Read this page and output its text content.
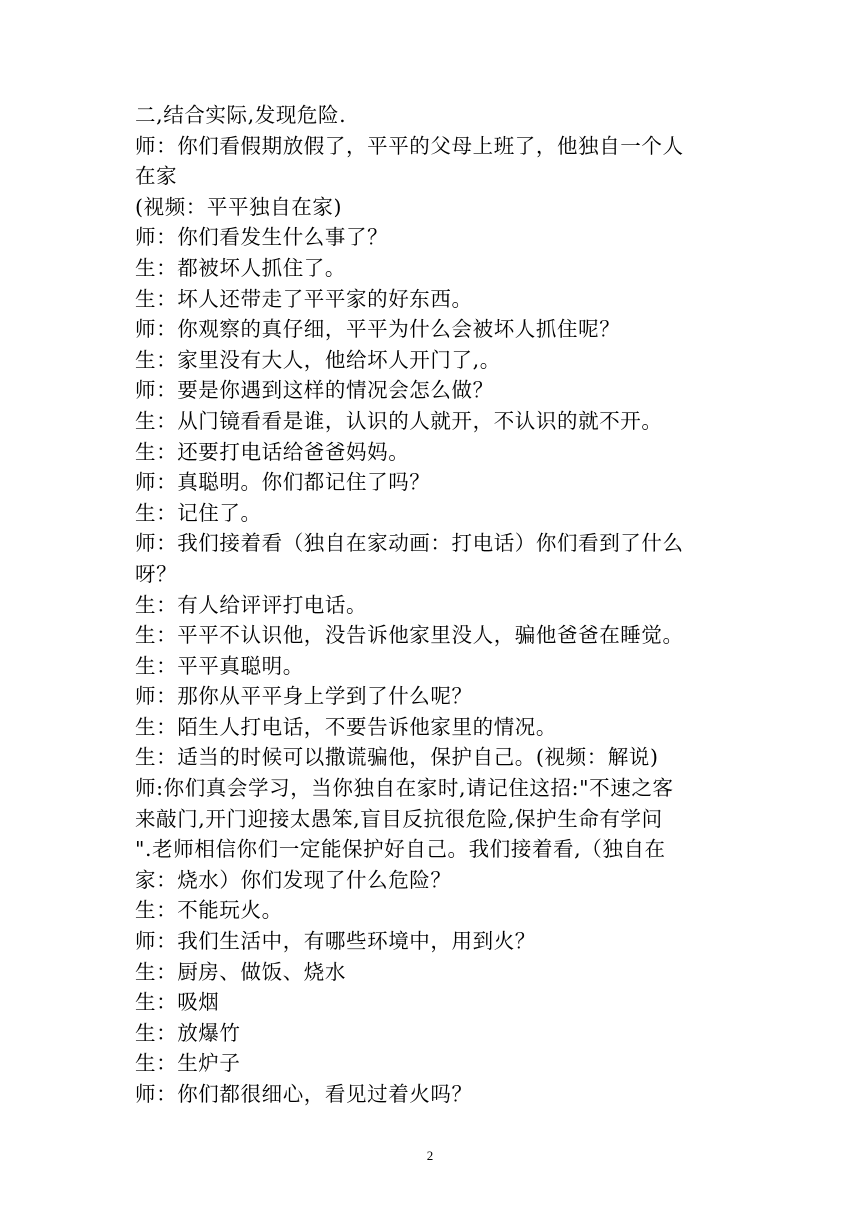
二,结合实际,发现危险.
师：你们看假期放假了，平平的父母上班了，他独自一个人
在家
(视频：平平独自在家)
师：你们看发生什么事了？
生：都被坏人抓住了。
生：坏人还带走了平平家的好东西。
师：你观察的真仔细，平平为什么会被坏人抓住呢？
生：家里没有大人，他给坏人开门了,。
师：要是你遇到这样的情况会怎么做？
生：从门镜看看是谁，认识的人就开，不认识的就不开。
生：还要打电话给爸爸妈妈。
师：真聪明。你们都记住了吗？
生：记住了。
师：我们接着看（独自在家动画：打电话）你们看到了什么
呀？
生：有人给评评打电话。
生：平平不认识他，没告诉他家里没人，骗他爸爸在睡觉。
生：平平真聪明。
师：那你从平平身上学到了什么呢？
生：陌生人打电话，不要告诉他家里的情况。
生：适当的时候可以撒谎骗他，保护自己。(视频：解说)
师:你们真会学习，当你独自在家时,请记住这招:"不速之客
来敲门,开门迎接太愚笨,盲目反抗很危险,保护生命有学问
".老师相信你们一定能保护好自己。我们接着看,（独自在
家：烧水）你们发现了什么危险？
生：不能玩火。
师：我们生活中，有哪些环境中，用到火？
生：厨房、做饭、烧水
生：吸烟
生：放爆竹
生：生炉子
师：你们都很细心，看见过着火吗？
2
